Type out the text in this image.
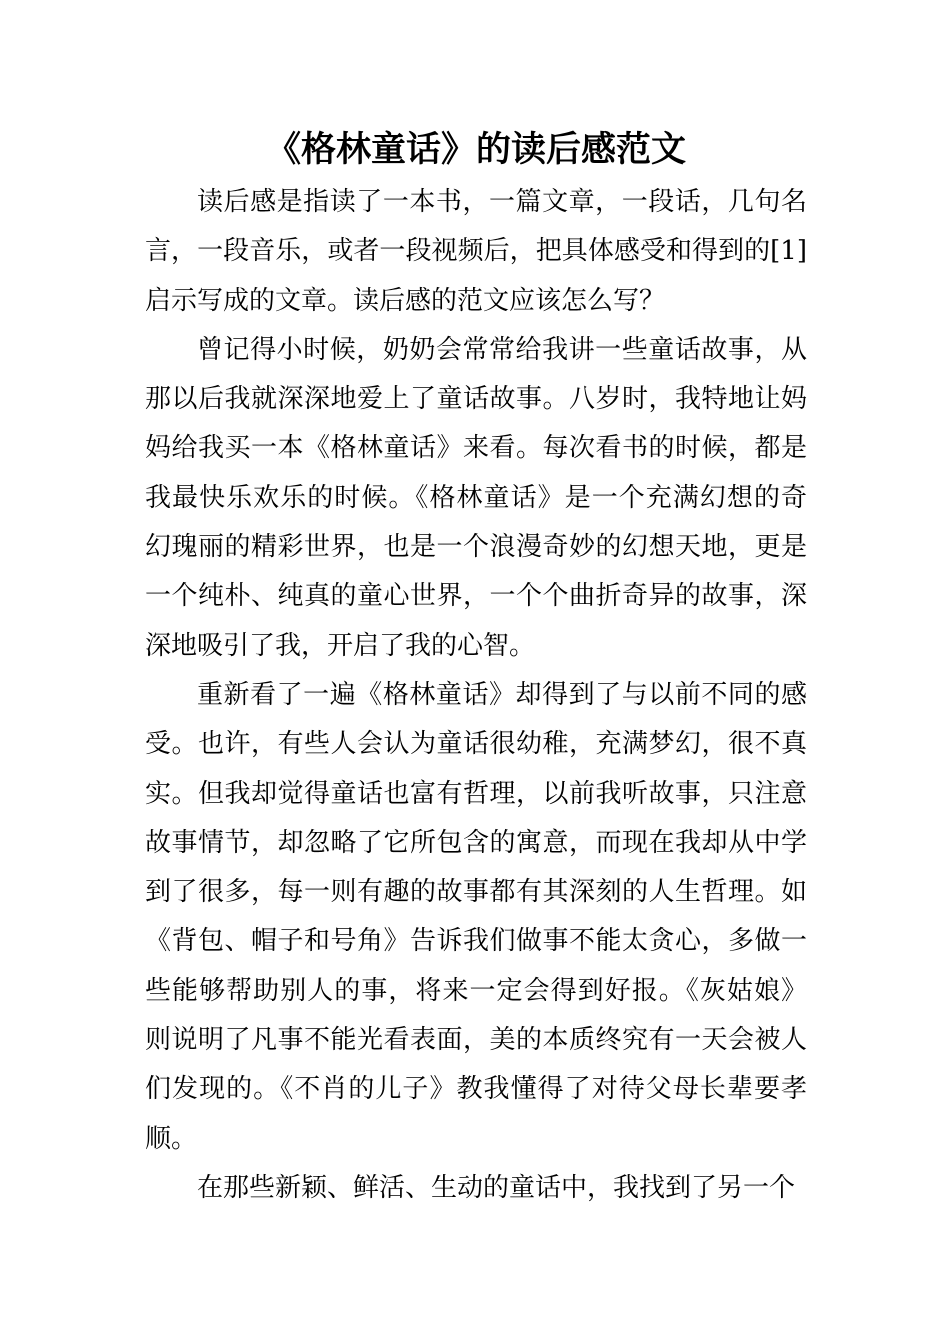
《格林童话》的读后感范文

读后感是指读了一本书，一篇文章，一段话，几句名言，一段音乐，或者一段视频后，把具体感受和得到的[1]启示写成的文章。读后感的范文应该怎么写？

曾记得小时候，奶奶会常常给我讲一些童话故事，从那以后我就深深地爱上了童话故事。八岁时，我特地让妈妈给我买一本《格林童话》来看。每次看书的时候，都是我最快乐欢乐的时候。《格林童话》是一个充满幻想的奇幻瑰丽的精彩世界，也是一个浪漫奇妙的幻想天地，更是一个纯朴、纯真的童心世界，一个个曲折奇异的故事，深深地吸引了我，开启了我的心智。

重新看了一遍《格林童话》却得到了与以前不同的感受。也许，有些人会认为童话很幼稚，充满梦幻，很不真实。但我却觉得童话也富有哲理，以前我听故事，只注意故事情节，却忽略了它所包含的寓意，而现在我却从中学到了很多，每一则有趣的故事都有其深刻的人生哲理。如《背包、帽子和号角》告诉我们做事不能太贪心，多做一些能够帮助别人的事，将来一定会得到好报。《灰姑娘》则说明了凡事不能光看表面，美的本质终究有一天会被人们发现的。《不肖的儿子》教我懂得了对待父母长辈要孝顺。

在那些新颖、鲜活、生动的童话中，我找到了另一个
